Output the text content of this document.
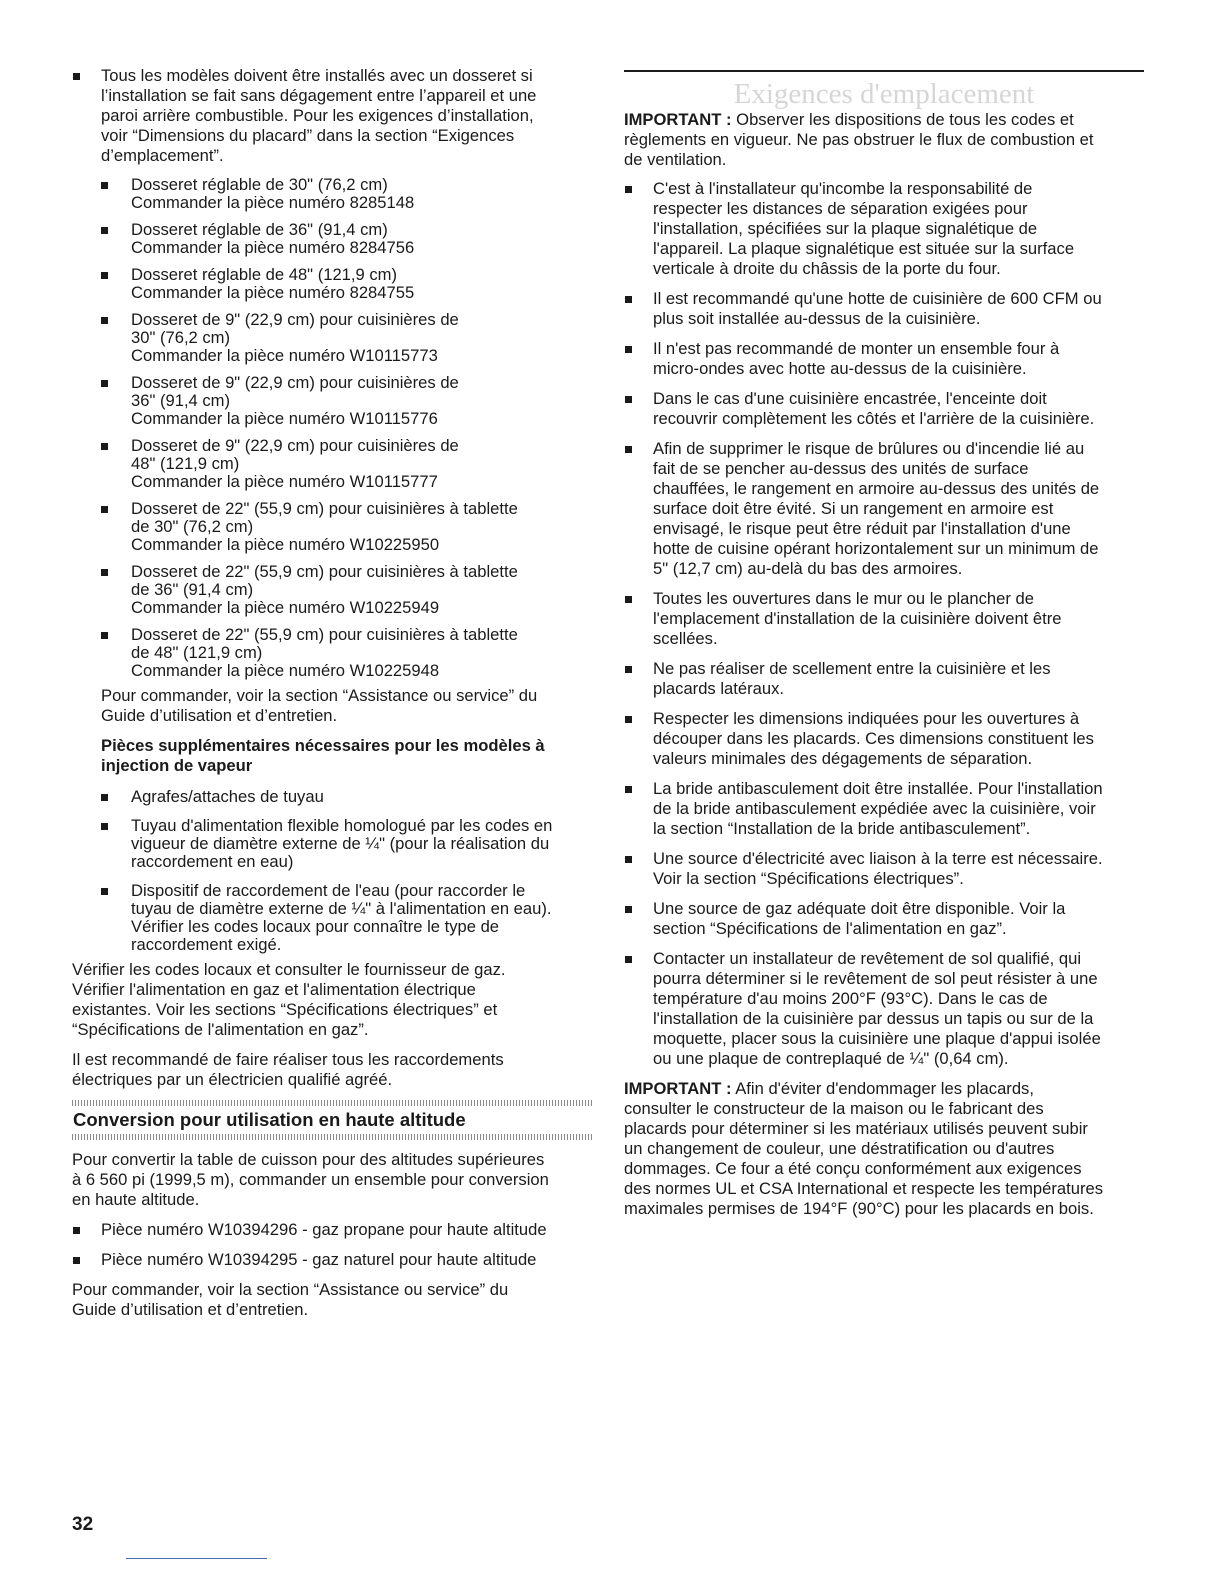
Tous les modèles doivent être installés avec un dosseret si
l’installation se fait sans dégagement entre l’appareil et une
paroi arrière combustible. Pour les exigences d’installation,
voir “Dimensions du placard” dans la section “Exigences
d’emplacement”.
Dosseret réglable de 30" (76,2 cm)
Commander la pièce numéro 8285148
Dosseret réglable de 36" (91,4 cm)
Commander la pièce numéro 8284756
Dosseret réglable de 48" (121,9 cm)
Commander la pièce numéro 8284755
Dosseret de 9" (22,9 cm) pour cuisinières de
30" (76,2 cm)
Commander la pièce numéro W10115773
Dosseret de 9" (22,9 cm) pour cuisinières de
36" (91,4 cm)
Commander la pièce numéro W10115776
Dosseret de 9" (22,9 cm) pour cuisinières de
48" (121,9 cm)
Commander la pièce numéro W10115777
Dosseret de 22" (55,9 cm) pour cuisinières à tablette
de 30" (76,2 cm)
Commander la pièce numéro W10225950
Dosseret de 22" (55,9 cm) pour cuisinières à tablette
de 36" (91,4 cm)
Commander la pièce numéro W10225949
Dosseret de 22" (55,9 cm) pour cuisinières à tablette
de 48" (121,9 cm)
Commander la pièce numéro W10225948

Pour commander, voir la section “Assistance ou service” du
Guide d’utilisation et d’entretien.

Pièces supplémentaires nécessaires pour les modèles à
injection de vapeur

Agrafes/attaches de tuyau
Tuyau d'alimentation flexible homologué par les codes en
vigueur de diamètre externe de ¼" (pour la réalisation du
raccordement en eau)
Dispositif de raccordement de l'eau (pour raccorder le
tuyau de diamètre externe de ¼" à l'alimentation en eau).
Vérifier les codes locaux pour connaître le type de
raccordement exigé.

Vérifier les codes locaux et consulter le fournisseur de gaz.
Vérifier l'alimentation en gaz et l'alimentation électrique
existantes. Voir les sections “Spécifications électriques” et
“Spécifications de l'alimentation en gaz”.

Il est recommandé de faire réaliser tous les raccordements
électriques par un électricien qualifié agréé.

Conversion pour utilisation en haute altitude

Pour convertir la table de cuisson pour des altitudes supérieures
à 6 560 pi (1999,5 m), commander un ensemble pour conversion
en haute altitude.

Pièce numéro W10394296 - gaz propane pour haute altitude
Pièce numéro W10394295 - gaz naturel pour haute altitude

Pour commander, voir la section “Assistance ou service” du
Guide d’utilisation et d’entretien.

Exigences d'emplacement

IMPORTANT : Observer les dispositions de tous les codes et
règlements en vigueur. Ne pas obstruer le flux de combustion et
de ventilation.

C'est à l'installateur qu'incombe la responsabilité de
respecter les distances de séparation exigées pour
l'installation, spécifiées sur la plaque signalétique de
l'appareil. La plaque signalétique est située sur la surface
verticale à droite du châssis de la porte du four.
Il est recommandé qu'une hotte de cuisinière de 600 CFM ou
plus soit installée au-dessus de la cuisinière.
Il n'est pas recommandé de monter un ensemble four à
micro-ondes avec hotte au-dessus de la cuisinière.
Dans le cas d'une cuisinière encastrée, l'enceinte doit
recouvrir complètement les côtés et l'arrière de la cuisinière.
Afin de supprimer le risque de brûlures ou d'incendie lié au
fait de se pencher au-dessus des unités de surface
chauffées, le rangement en armoire au-dessus des unités de
surface doit être évité. Si un rangement en armoire est
envisagé, le risque peut être réduit par l'installation d'une
hotte de cuisine opérant horizontalement sur un minimum de
5" (12,7 cm) au-delà du bas des armoires.
Toutes les ouvertures dans le mur ou le plancher de
l'emplacement d'installation de la cuisinière doivent être
scellées.
Ne pas réaliser de scellement entre la cuisinière et les
placards latéraux.
Respecter les dimensions indiquées pour les ouvertures à
découper dans les placards. Ces dimensions constituent les
valeurs minimales des dégagements de séparation.
La bride antibasculement doit être installée. Pour l'installation
de la bride antibasculement expédiée avec la cuisinière, voir
la section “Installation de la bride antibasculement”.
Une source d'électricité avec liaison à la terre est nécessaire.
Voir la section “Spécifications électriques”.
Une source de gaz adéquate doit être disponible. Voir la
section “Spécifications de l'alimentation en gaz”.
Contacter un installateur de revêtement de sol qualifié, qui
pourra déterminer si le revêtement de sol peut résister à une
température d'au moins 200°F (93°C). Dans le cas de
l'installation de la cuisinière par dessus un tapis ou sur de la
moquette, placer sous la cuisinière une plaque d'appui isolée
ou une plaque de contreplaqué de ¼" (0,64 cm).

IMPORTANT : Afin d'éviter d'endommager les placards,
consulter le constructeur de la maison ou le fabricant des
placards pour déterminer si les matériaux utilisés peuvent subir
un changement de couleur, une déstratification ou d'autres
dommages. Ce four a été conçu conformément aux exigences
des normes UL et CSA International et respecte les températures
maximales permises de 194°F (90°C) pour les placards en bois.

32
